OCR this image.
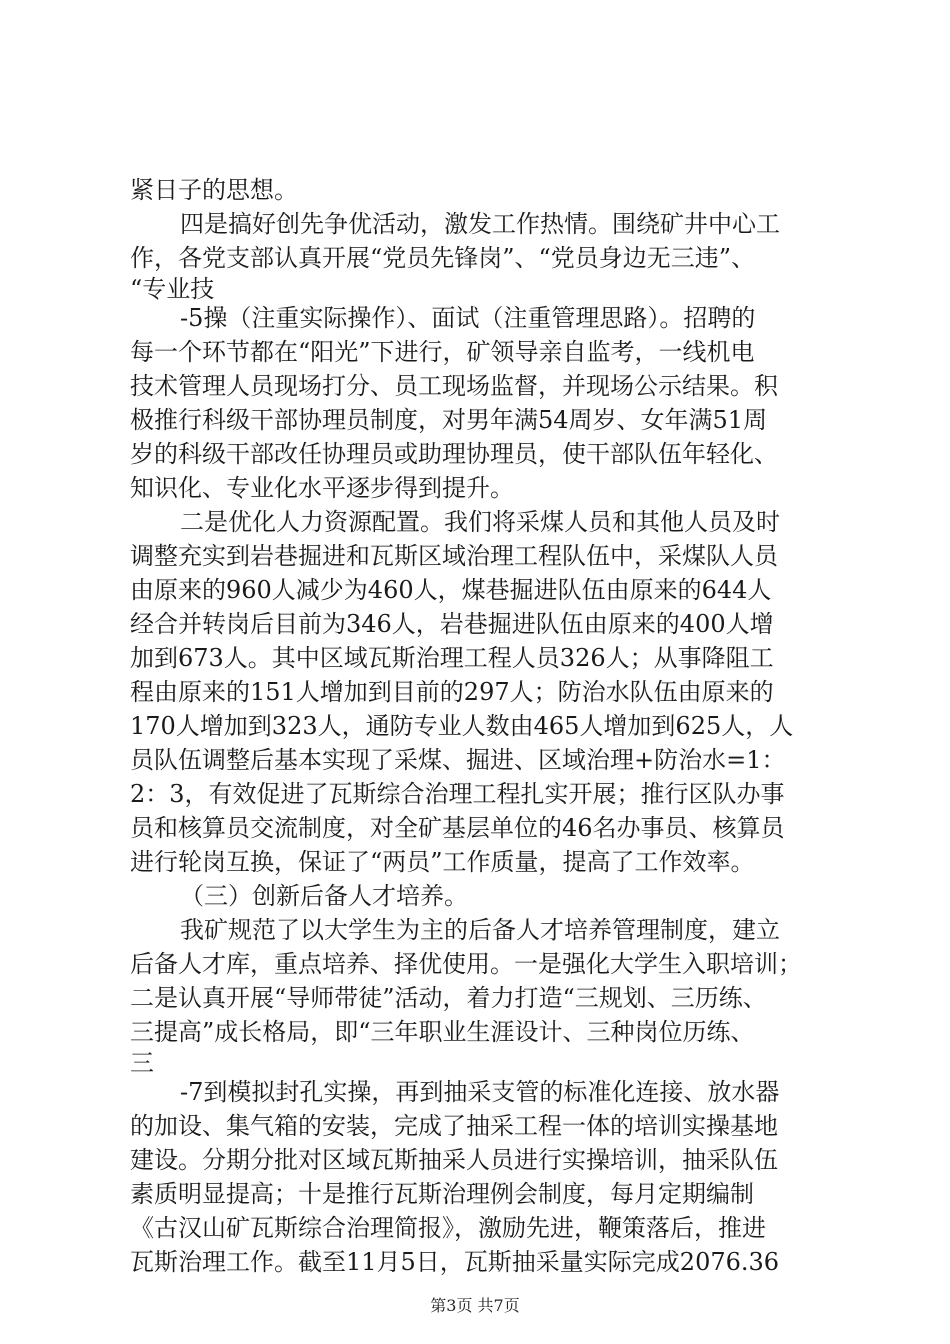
紧日子的思想。
四是搞好创先争优活动，激发工作热情。围绕矿井中心工
作，各党支部认真开展“党员先锋岗”、“党员身边无三违”、
“专业技
-5操（注重实际操作）、面试（注重管理思路）。招聘的
每一个环节都在“阳光”下进行，矿领导亲自监考，一线机电
技术管理人员现场打分、员工现场监督，并现场公示结果。积
极推行科级干部协理员制度，对男年满54周岁、女年满51周
岁的科级干部改任协理员或助理协理员，使干部队伍年轻化、
知识化、专业化水平逐步得到提升。
二是优化人力资源配置。我们将采煤人员和其他人员及时
调整充实到岩巷掘进和瓦斯区域治理工程队伍中，采煤队人员
由原来的960人减少为460人，煤巷掘进队伍由原来的644人
经合并转岗后目前为346人，岩巷掘进队伍由原来的400人增
加到673人。其中区域瓦斯治理工程人员326人；从事降阻工
程由原来的151人增加到目前的297人；防治水队伍由原来的
170人增加到323人，通防专业人数由465人增加到625人，人
员队伍调整后基本实现了采煤、掘进、区域治理+防治水=1：
2：3，有效促进了瓦斯综合治理工程扎实开展；推行区队办事
员和核算员交流制度，对全矿基层单位的46名办事员、核算员
进行轮岗互换，保证了“两员”工作质量，提高了工作效率。
（三）创新后备人才培养。
我矿规范了以大学生为主的后备人才培养管理制度，建立
后备人才库，重点培养、择优使用。一是强化大学生入职培训；
二是认真开展“导师带徒”活动，着力打造“三规划、三历练、
三提高”成长格局，即“三年职业生涯设计、三种岗位历练、
三
-7到模拟封孔实操，再到抽采支管的标准化连接、放水器
的加设、集气箱的安装，完成了抽采工程一体的培训实操基地
建设。分期分批对区域瓦斯抽采人员进行实操培训，抽采队伍
素质明显提高；十是推行瓦斯治理例会制度，每月定期编制
《古汉山矿瓦斯综合治理简报》，激励先进，鞭策落后，推进
瓦斯治理工作。截至11月5日，瓦斯抽采量实际完成2076.36
第3页 共7页
